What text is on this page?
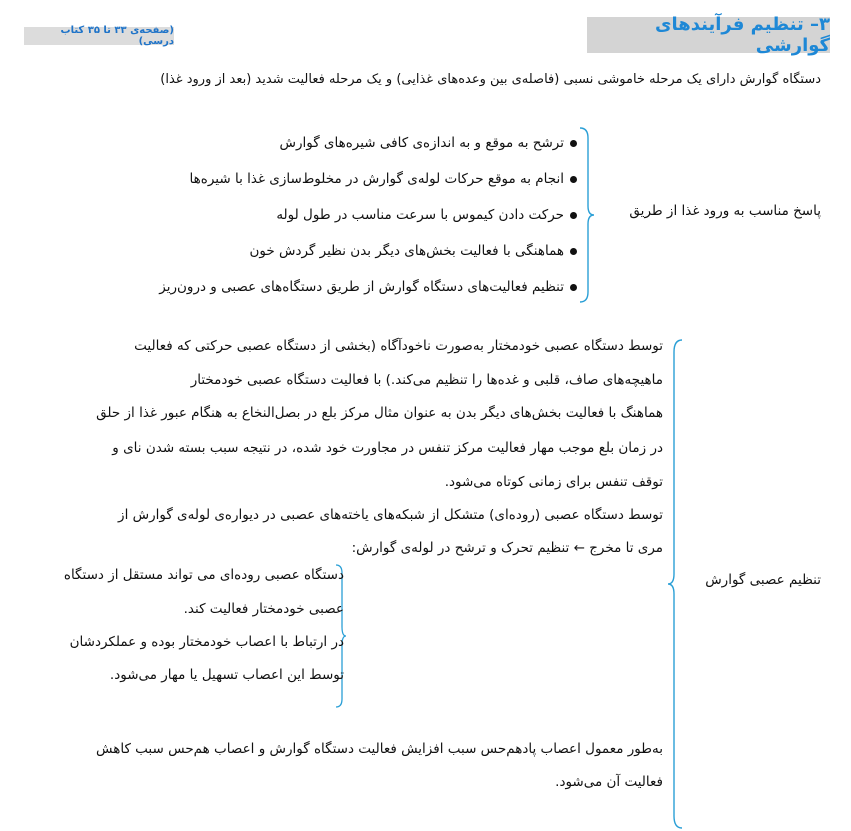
۳– تنظیم فرآیندهای گوارشی
(صفحه‌ی ۳۳ تا ۳۵ کتاب درسی)
دستگاه گوارش دارای یک مرحله خاموشی نسبی (فاصله‌ی بین وعده‌های غذایی) و یک مرحله فعالیت شدید (بعد از ورود غذا)
پاسخ مناسب به ورود غذا از طریق
ترشح به موقع و به اندازه‌ی کافی شیره‌های گوارش
انجام به موقع حرکات لوله‌ی گوارش در مخلوط‌سازی غذا با شیره‌ها
حرکت دادن کیموس با سرعت مناسب در طول لوله
هماهنگی با فعالیت بخش‌های دیگر بدن نظیر گردش خون
تنظیم فعالیت‌های دستگاه گوارش از طریق دستگاه‌های عصبی و درون‌ریز
تنظیم عصبی گوارش
توسط دستگاه عصبی خودمختار به‌صورت ناخودآگاه (بخشی از دستگاه عصبی حرکتی که فعالیت
ماهیچه‌های صاف، قلبی و غده‌ها را تنظیم می‌کند.) با فعالیت دستگاه عصبی خودمختار
هماهنگ با فعالیت بخش‌های دیگر بدن به عنوان مثال مرکز بلع در بصل‌النخاع به هنگام عبور غذا از حلق
در زمان بلع موجب مهار فعالیت مرکز تنفس در مجاورت خود شده، در نتیجه سبب بسته شدن نای و
توقف تنفس برای زمانی کوتاه می‌شود.
توسط دستگاه عصبی (روده‌ای) متشکل از شبکه‌های یاخته‌های عصبی در دیواره‌ی لوله‌ی گوارش از
مری تا مخرج ← تنظیم تحرک و ترشح در لوله‌ی گوارش:
به‌طور معمول اعصاب پادهم‌حس سبب افزایش فعالیت دستگاه گوارش و اعصاب هم‌حس سبب کاهش
فعالیت آن می‌شود.
دستگاه عصبی روده‌ای می تواند مستقل از دستگاه
عصبی خودمختار فعالیت کند.
در ارتباط با اعصاب خودمختار بوده و عملکردشان
توسط این اعصاب تسهیل یا مهار می‌شود.
